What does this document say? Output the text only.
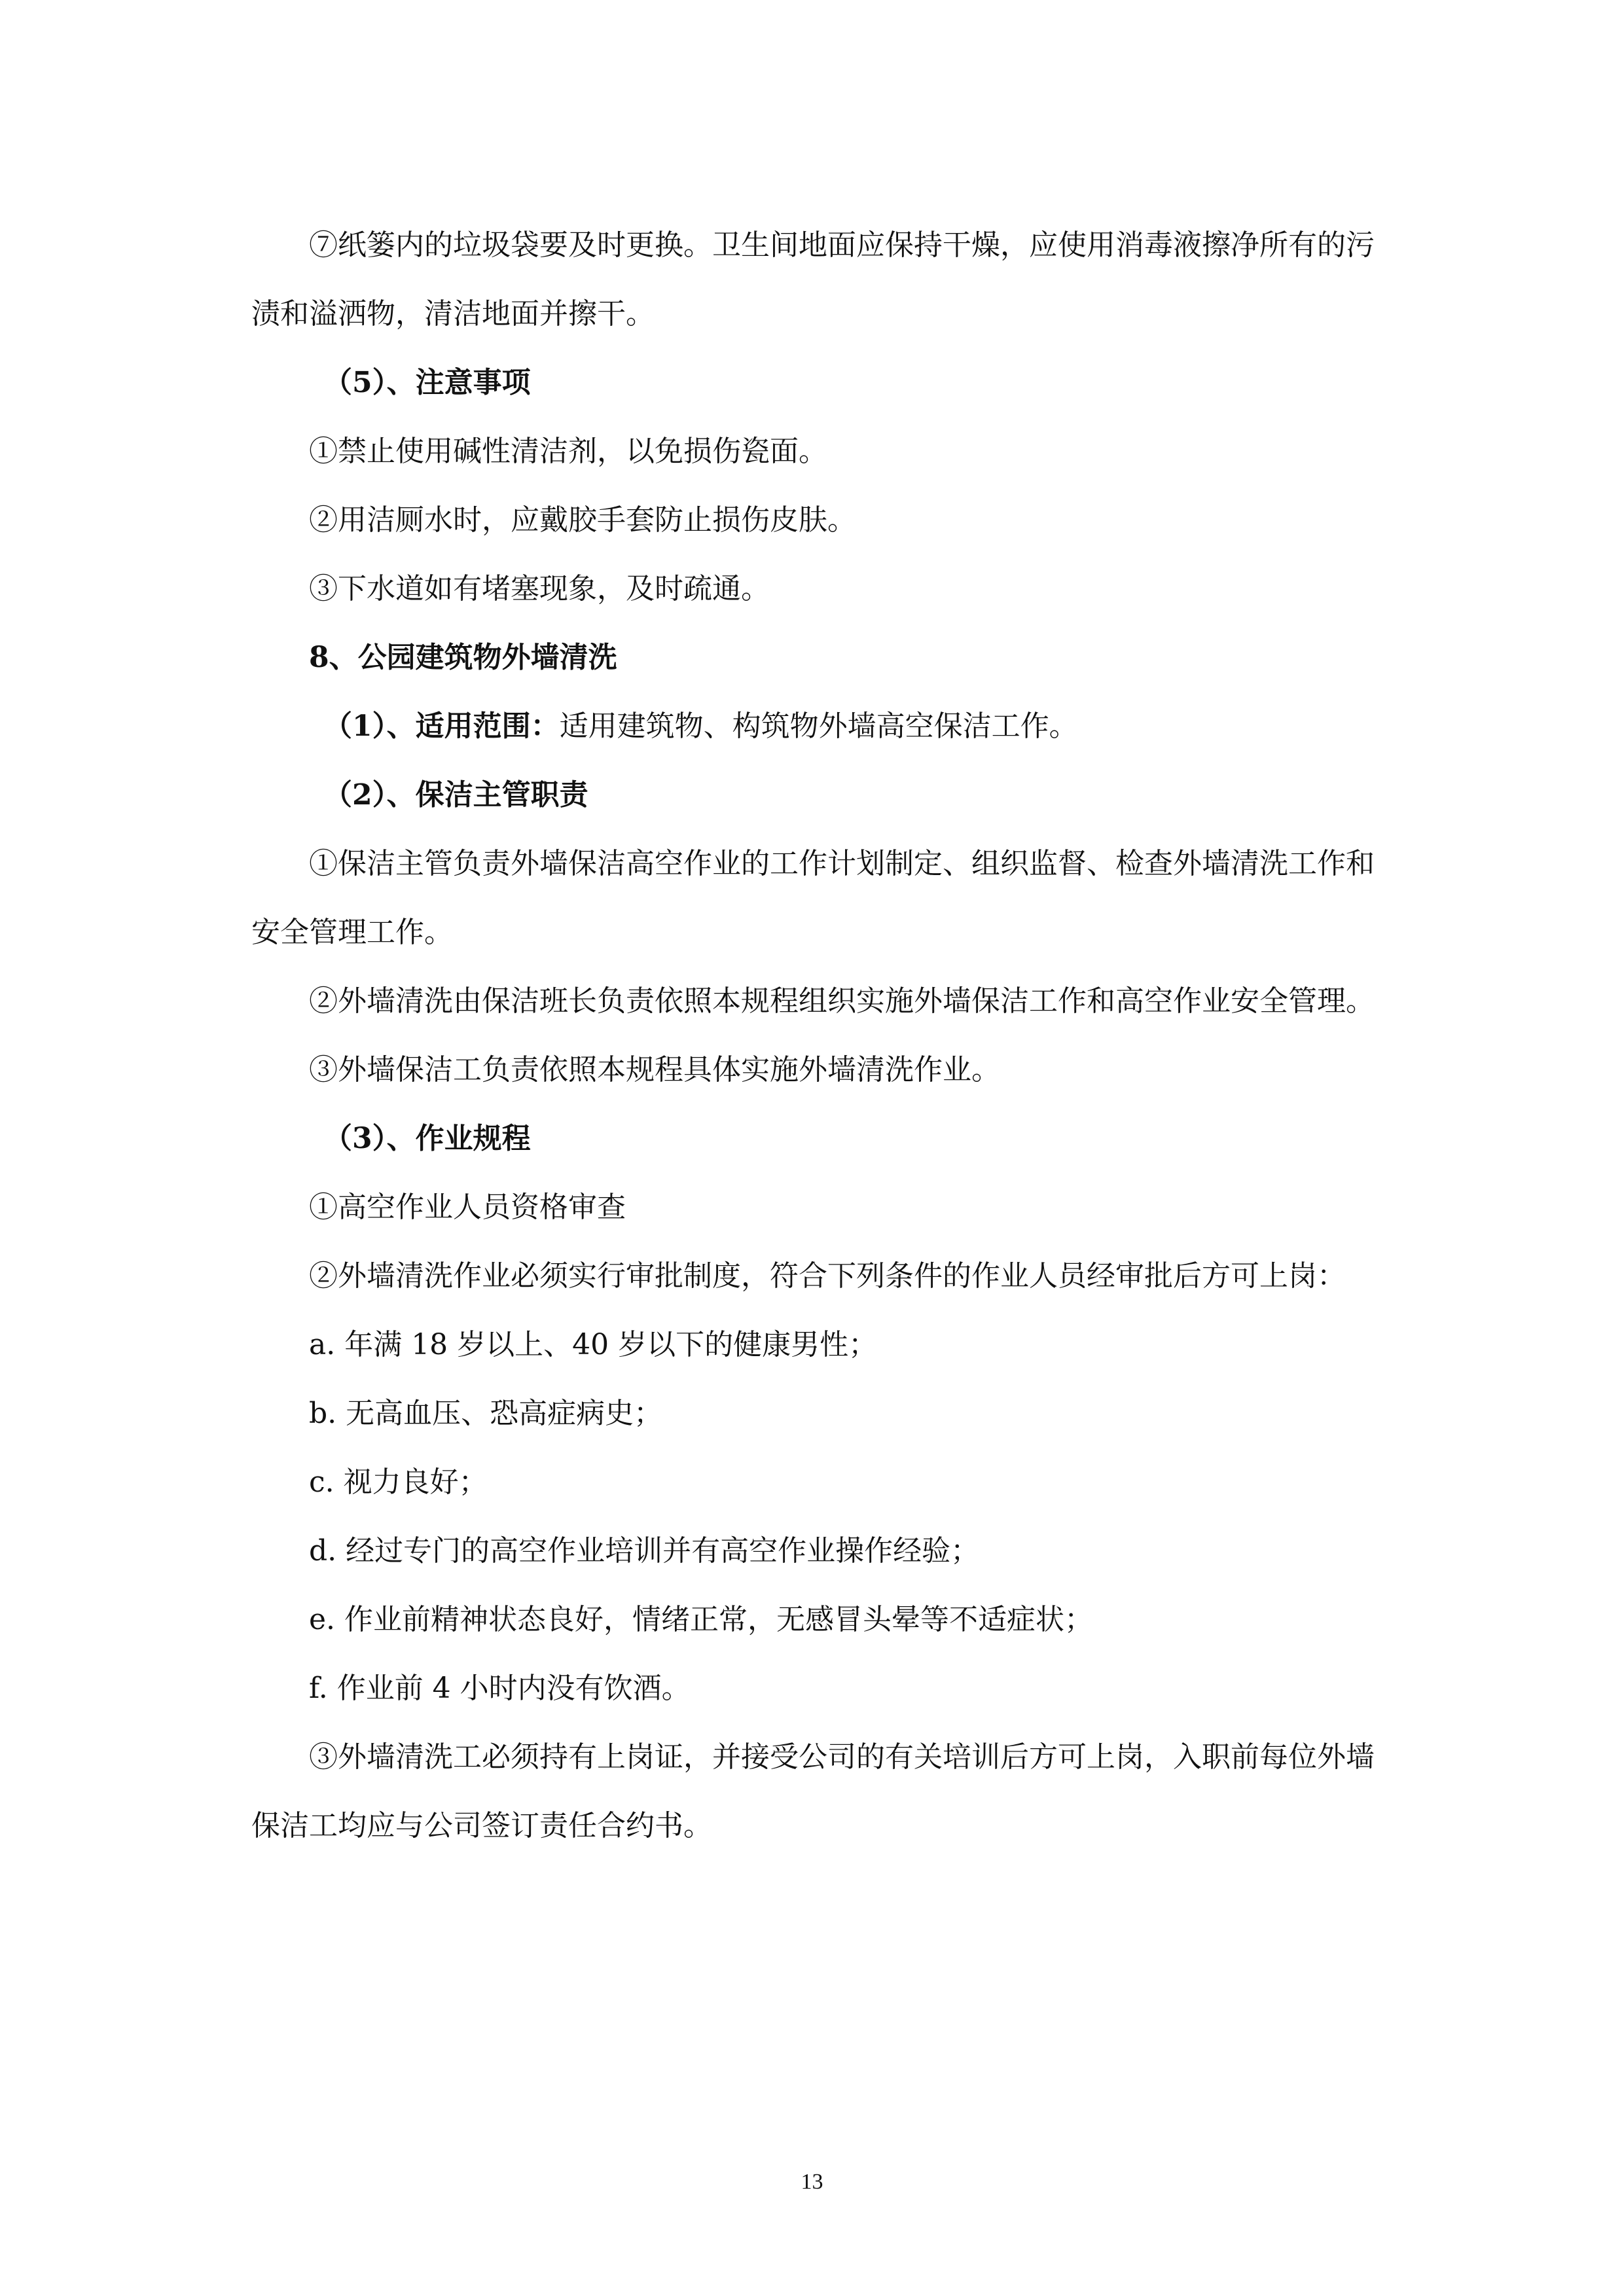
⑦纸篓内的垃圾袋要及时更换。卫生间地面应保持干燥，应使用消毒液擦净所有的污渍和溢洒物，清洁地面并擦干。

（5）、注意事项

①禁止使用碱性清洁剂，以免损伤瓷面。

②用洁厕水时，应戴胶手套防止损伤皮肤。

③下水道如有堵塞现象，及时疏通。

8、公园建筑物外墙清洗

（1）、适用范围：适用建筑物、构筑物外墙高空保洁工作。

（2）、保洁主管职责

①保洁主管负责外墙保洁高空作业的工作计划制定、组织监督、检查外墙清洗工作和安全管理工作。

②外墙清洗由保洁班长负责依照本规程组织实施外墙保洁工作和高空作业安全管理。

③外墙保洁工负责依照本规程具体实施外墙清洗作业。

（3）、作业规程

①高空作业人员资格审查

②外墙清洗作业必须实行审批制度，符合下列条件的作业人员经审批后方可上岗：

a. 年满 18 岁以上、40 岁以下的健康男性；

b. 无高血压、恐高症病史；

c. 视力良好；

d. 经过专门的高空作业培训并有高空作业操作经验；

e. 作业前精神状态良好，情绪正常，无感冒头晕等不适症状；

f. 作业前 4 小时内没有饮酒。

③外墙清洗工必须持有上岗证，并接受公司的有关培训后方可上岗，入职前每位外墙保洁工均应与公司签订责任合约书。

13
